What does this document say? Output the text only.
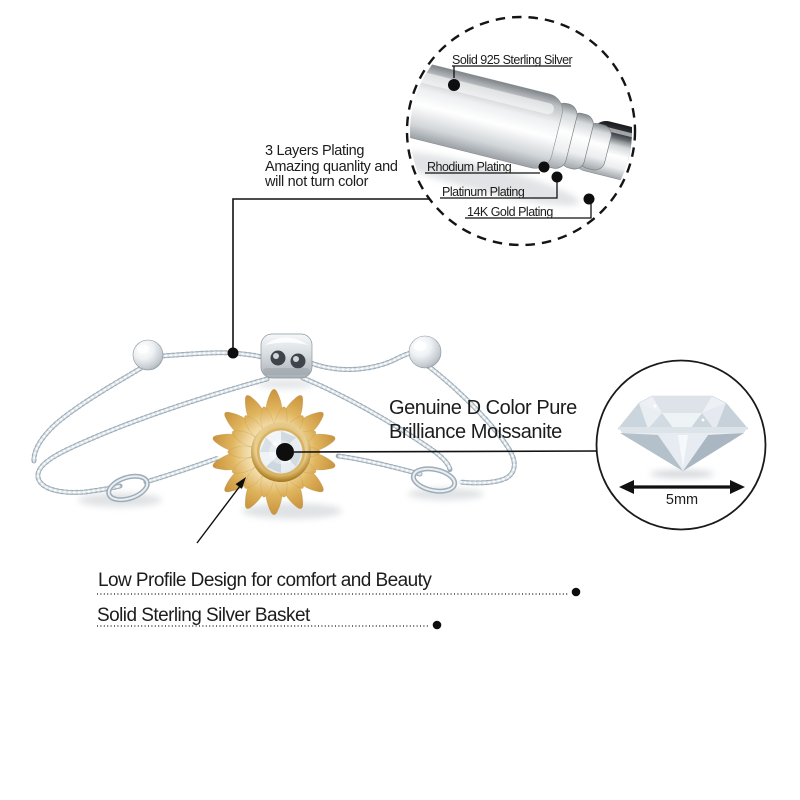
3 Layers Plating
Amazing quanlity and
will not turn color
Solid 925 Sterling Silver
Rhodium Plating
Platinum Plating
14K Gold Plating
Genuine D Color Pure
Brilliance Moissanite
5mm
Low Profile Design for comfort and Beauty
Solid Sterling Silver Basket
